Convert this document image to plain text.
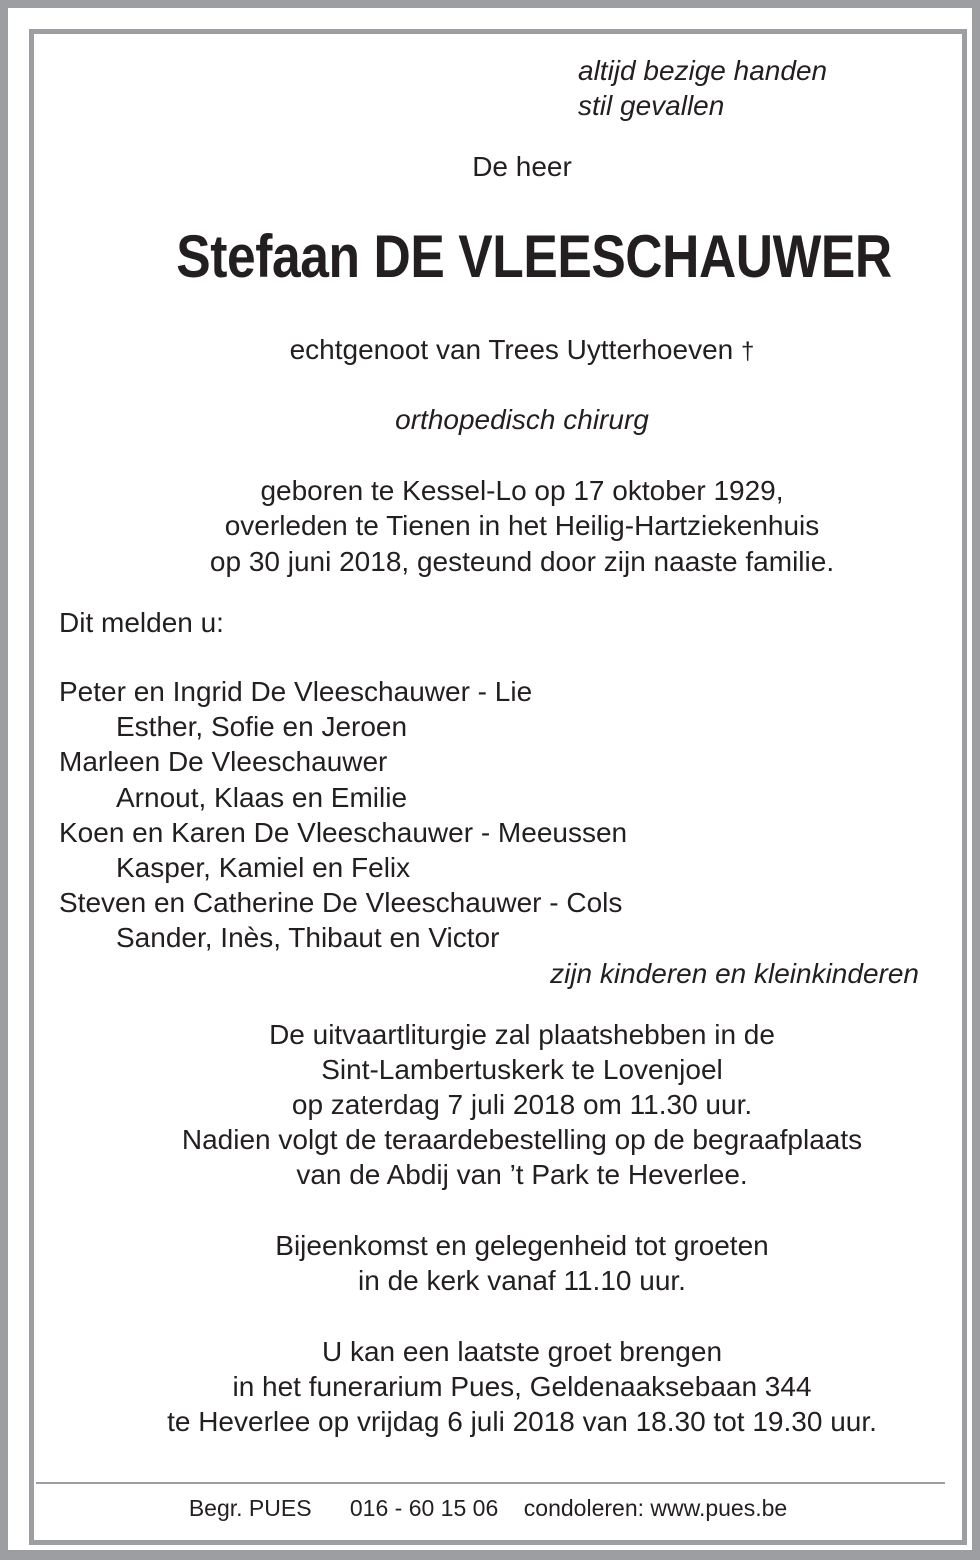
altijd bezige handen
stil gevallen
De heer
Stefaan DE VLEESCHAUWER
echtgenoot van Trees Uytterhoeven †
orthopedisch chirurg
geboren te Kessel-Lo op 17 oktober 1929,
overleden te Tienen in het Heilig-Hartziekenhuis
op 30 juni 2018, gesteund door zijn naaste familie.
Dit melden u:
Peter en Ingrid De Vleeschauwer - Lie
Esther, Sofie en Jeroen
Marleen De Vleeschauwer
Arnout, Klaas en Emilie
Koen en Karen De Vleeschauwer - Meeussen
Kasper, Kamiel en Felix
Steven en Catherine De Vleeschauwer - Cols
Sander, Inès, Thibaut en Victor
zijn kinderen en kleinkinderen
De uitvaartliturgie zal plaatshebben in de
Sint-Lambertuskerk te Lovenjoel
op zaterdag 7 juli 2018 om 11.30 uur.
Nadien volgt de teraardebestelling op de begraafplaats
van de Abdij van ’t Park te Heverlee.
Bijeenkomst en gelegenheid tot groeten
in de kerk vanaf 11.10 uur.
U kan een laatste groet brengen
in het funerarium Pues, Geldenaaksebaan 344
te Heverlee op vrijdag 6 juli 2018 van 18.30 tot 19.30 uur.
Begr. PUES 016 - 60 15 06 condoleren: www.pues.be
